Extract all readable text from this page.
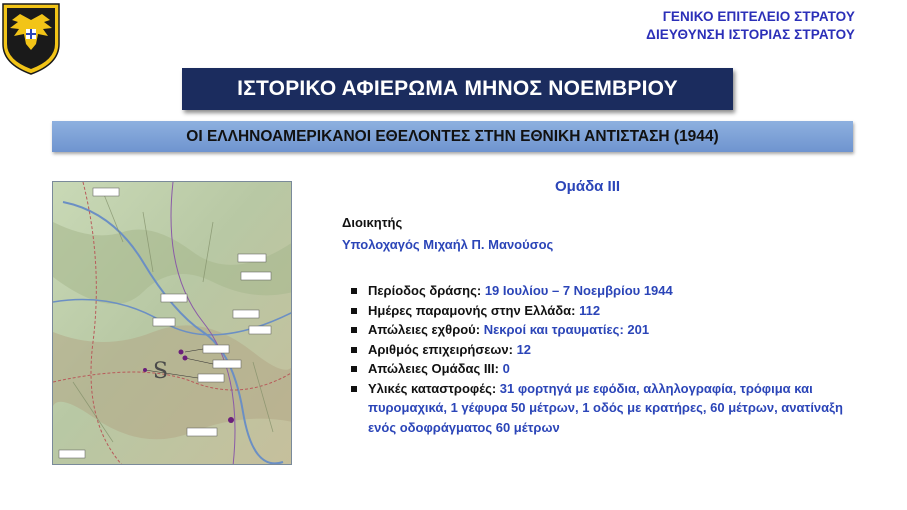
ΓΕΝΙΚΟ ΕΠΙΤΕΛΕΙΟ ΣΤΡΑΤΟΥ
ΔΙΕΥΘΥΝΣΗ ΙΣΤΟΡΙΑΣ ΣΤΡΑΤΟΥ
ΙΣΤΟΡΙΚΟ ΑΦΙΕΡΩΜΑ ΜΗΝΟΣ ΝΟΕΜΒΡΙΟΥ
ΟΙ ΕΛΛΗΝΟΑΜΕΡΙΚΑΝΟΙ ΕΘΕΛΟΝΤΕΣ ΣΤΗΝ ΕΘΝΙΚΗ ΑΝΤΙΣΤΑΣΗ (1944)
S
Ομάδα ΙΙΙ
Διοικητής
Υπολοχαγός Μιχαήλ Π. Μανούσος
Περίοδος δράσης: 19 Ιουλίου – 7 Νοεμβρίου 1944
Ημέρες παραμονής στην Ελλάδα: 112
Απώλειες εχθρού: Νεκροί και τραυματίες: 201
Αριθμός επιχειρήσεων: 12
Απώλειες Ομάδας ΙΙΙ: 0
Υλικές καταστροφές: 31 φορτηγά με εφόδια, αλληλογραφία, τρόφιμα και πυρομαχικά, 1 γέφυρα 50 μέτρων, 1 οδός με κρατήρες, 60 μέτρων, ανατίναξη ενός οδοφράγματος 60 μέτρων
